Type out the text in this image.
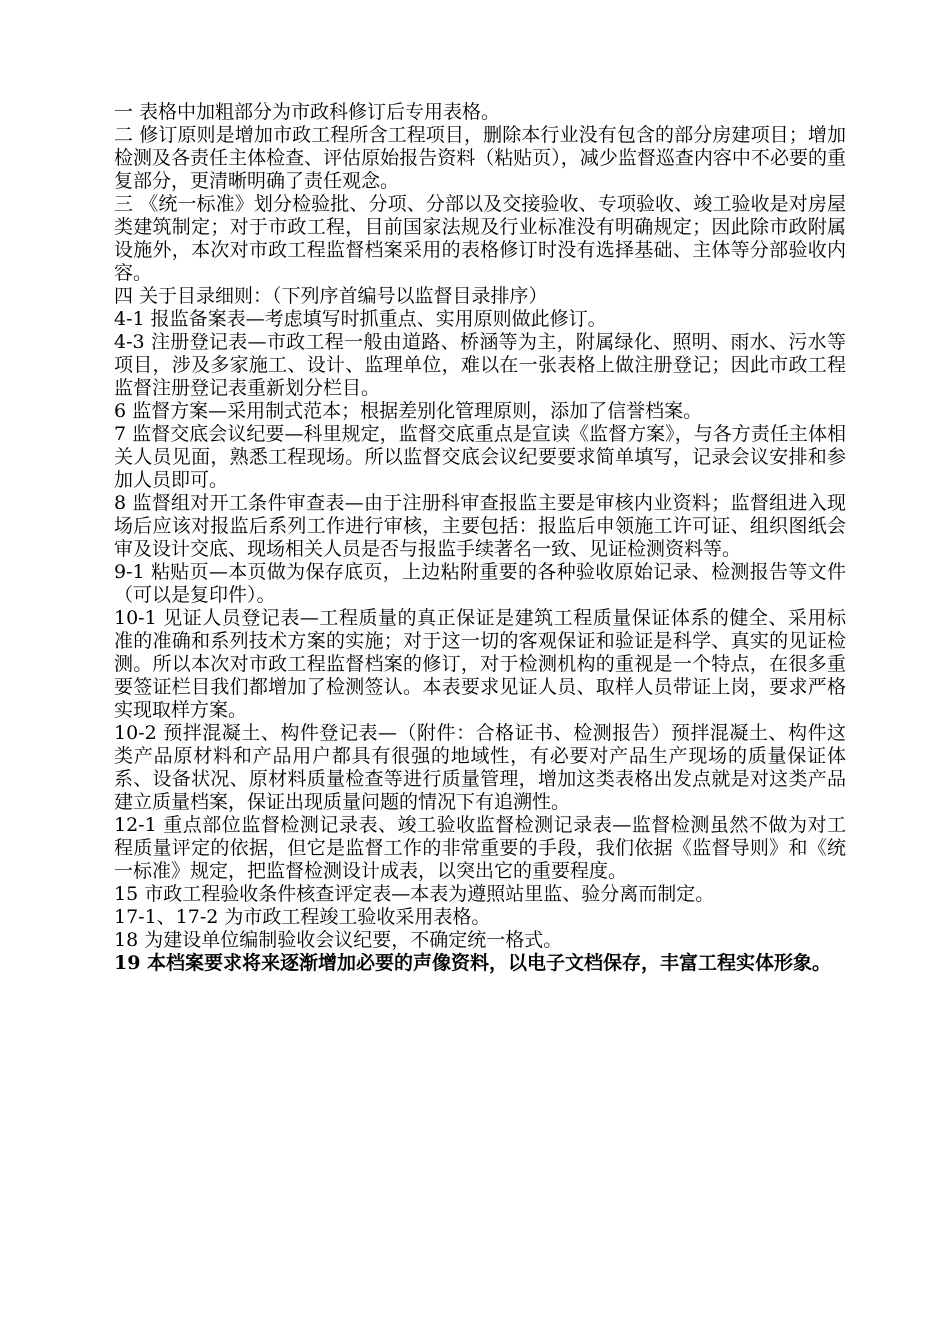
一 表格中加粗部分为市政科修订后专用表格。

二 修订原则是增加市政工程所含工程项目，删除本行业没有包含的部分房建项目；增加检测及各责任主体检查、评估原始报告资料（粘贴页），减少监督巡查内容中不必要的重复部分，更清晰明确了责任观念。

三 《统一标准》划分检验批、分项、分部以及交接验收、专项验收、竣工验收是对房屋类建筑制定；对于市政工程，目前国家法规及行业标准没有明确规定；因此除市政附属设施外，本次对市政工程监督档案采用的表格修订时没有选择基础、主体等分部验收内容。

四 关于目录细则：（下列序首编号以监督目录排序）

4-1 报监备案表—考虑填写时抓重点、实用原则做此修订。

4-3 注册登记表—市政工程一般由道路、桥涵等为主，附属绿化、照明、雨水、污水等项目，涉及多家施工、设计、监理单位，难以在一张表格上做注册登记；因此市政工程监督注册登记表重新划分栏目。

6 监督方案—采用制式范本；根据差别化管理原则，添加了信誉档案。

7 监督交底会议纪要—科里规定，监督交底重点是宣读《监督方案》，与各方责任主体相关人员见面，熟悉工程现场。所以监督交底会议纪要要求简单填写，记录会议安排和参加人员即可。

8 监督组对开工条件审查表—由于注册科审查报监主要是审核内业资料；监督组进入现场后应该对报监后系列工作进行审核，主要包括：报监后申领施工许可证、组织图纸会审及设计交底、现场相关人员是否与报监手续著名一致、见证检测资料等。

9-1 粘贴页—本页做为保存底页，上边粘附重要的各种验收原始记录、检测报告等文件（可以是复印件）。

10-1 见证人员登记表—工程质量的真正保证是建筑工程质量保证体系的健全、采用标准的准确和系列技术方案的实施；对于这一切的客观保证和验证是科学、真实的见证检测。所以本次对市政工程监督档案的修订，对于检测机构的重视是一个特点，在很多重要签证栏目我们都增加了检测签认。本表要求见证人员、取样人员带证上岗，要求严格实现取样方案。

10-2 预拌混凝土、构件登记表—（附件：合格证书、检测报告）预拌混凝土、构件这类产品原材料和产品用户都具有很强的地域性，有必要对产品生产现场的质量保证体系、设备状况、原材料质量检查等进行质量管理，增加这类表格出发点就是对这类产品建立质量档案，保证出现质量问题的情况下有追溯性。

12-1 重点部位监督检测记录表、竣工验收监督检测记录表—监督检测虽然不做为对工程质量评定的依据，但它是监督工作的非常重要的手段，我们依据《监督导则》和《统一标准》规定，把监督检测设计成表，以突出它的重要程度。

15 市政工程验收条件核查评定表—本表为遵照站里监、验分离而制定。

17-1、17-2 为市政工程竣工验收采用表格。

18 为建设单位编制验收会议纪要，不确定统一格式。

19 本档案要求将来逐渐增加必要的声像资料，以电子文档保存，丰富工程实体形象。
